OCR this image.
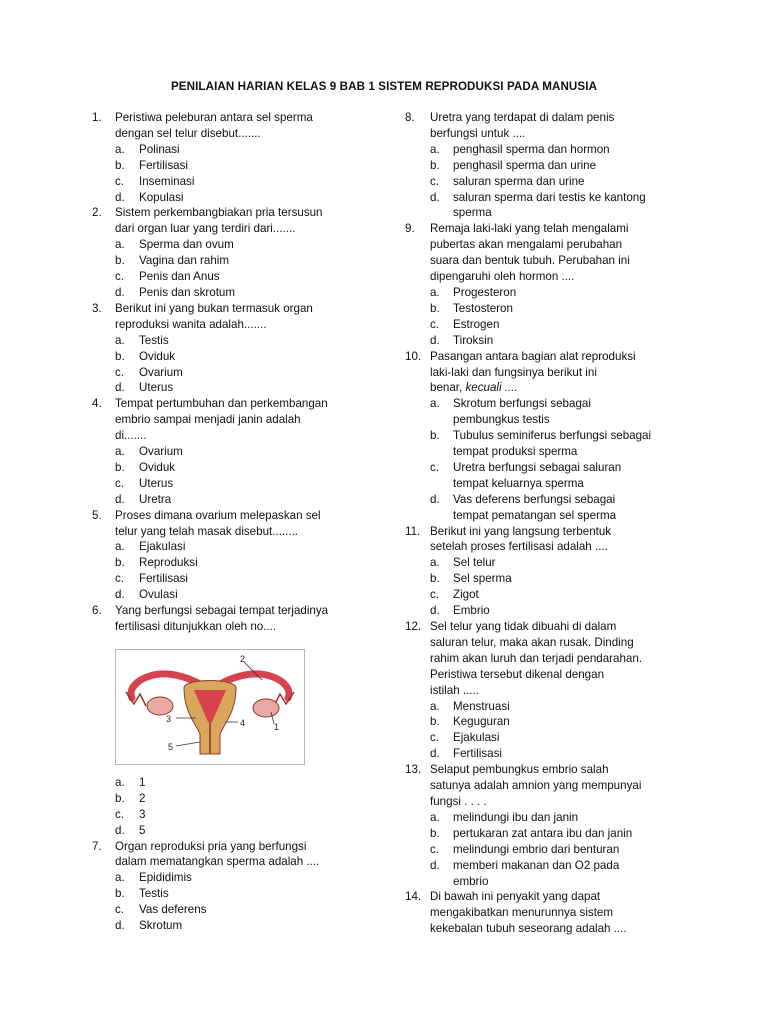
PENILAIAN HARIAN KELAS 9 BAB 1 SISTEM REPRODUKSI PADA MANUSIA
1. Peristiwa peleburan antara sel sperma
dengan sel telur disebut.......
a. Polinasi
b. Fertilisasi
c. Inseminasi
d. Kopulasi
2. Sistem perkembangbiakan pria tersusun
dari organ luar yang terdiri dari.......
a. Sperma dan ovum
b. Vagina dan rahim
c. Penis dan Anus
d. Penis dan skrotum
3. Berikut ini yang bukan termasuk organ
reproduksi wanita adalah.......
a. Testis
b. Oviduk
c. Ovarium
d. Uterus
4. Tempat pertumbuhan dan perkembangan
embrio sampai menjadi janin adalah
di.......
a. Ovarium
b. Oviduk
c. Uterus
d. Uretra
5. Proses dimana ovarium melepaskan sel
telur yang telah masak disebut........
a. Ejakulasi
b. Reproduksi
c. Fertilisasi
d. Ovulasi
6. Yang berfungsi sebagai tempat terjadinya
fertilisasi ditunjukkan oleh no....
1
2
3	4
5
a. 1
b. 2
c. 3
d. 5
7. Organ reproduksi pria yang berfungsi
dalam mematangkan sperma adalah ....
a. Epididimis
b. Testis
c. Vas deferens
d. Skrotum
8. Uretra yang terdapat di dalam penis
berfungsi untuk ....
a. penghasil sperma dan hormon
b. penghasil sperma dan urine
c. saluran sperma dan urine
d. saluran sperma dari testis ke kantong
sperma
9. Remaja laki-laki yang telah mengalami
pubertas akan mengalami perubahan
suara dan bentuk tubuh. Perubahan ini
dipengaruhi oleh hormon ....
a. Progesteron
b. Testosteron
c. Estrogen
d. Tiroksin
10. Pasangan antara bagian alat reproduksi
laki-laki dan fungsinya berikut ini
benar, kecuali ....
a. Skrotum berfungsi sebagai
pembungkus testis
b. Tubulus seminiferus berfungsi sebagai
tempat produksi sperma
c. Uretra berfungsi sebagai saluran
tempat keluarnya sperma
d. Vas deferens berfungsi sebagai
tempat pematangan sel sperma
11. Berikut ini yang langsung terbentuk
setelah proses fertilisasi adalah ....
a. Sel telur
b. Sel sperma
c. Zigot
d. Embrio
12. Sel telur yang tidak dibuahi di dalam
saluran telur, maka akan rusak. Dinding
rahim akan luruh dan terjadi pendarahan.
Peristiwa tersebut dikenal dengan
istilah .....
a. Menstruasi
b. Keguguran
c. Ejakulasi
d. Fertilisasi
13. Selaput pembungkus embrio salah
satunya adalah amnion yang mempunyai
fungsi . . . .
a. melindungi ibu dan janin
b. pertukaran zat antara ibu dan janin
c. melindungi embrio dari benturan
d. memberi makanan dan O2 pada
embrio
14. Di bawah ini penyakit yang dapat
mengakibatkan menurunnya sistem
kekebalan tubuh seseorang adalah ....
